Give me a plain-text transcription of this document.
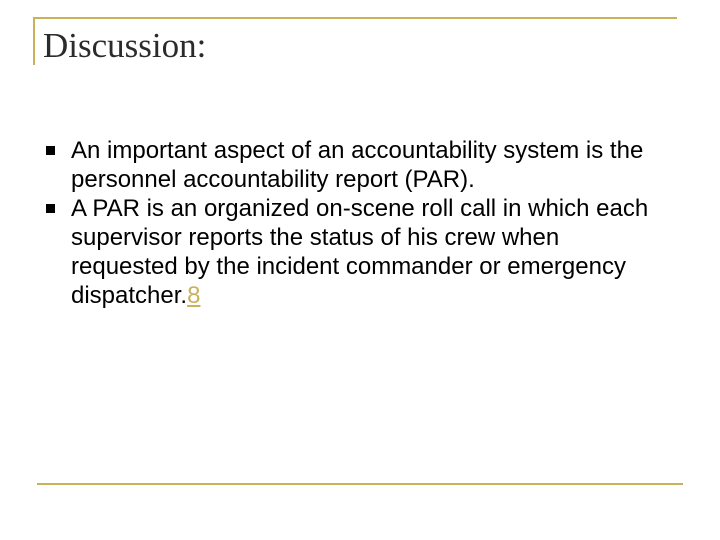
Discussion:
An important aspect of an accountability system is the personnel accountability report (PAR).
A PAR is an organized on-scene roll call in which each supervisor reports the status of his crew when requested by the incident commander or emergency dispatcher.8
